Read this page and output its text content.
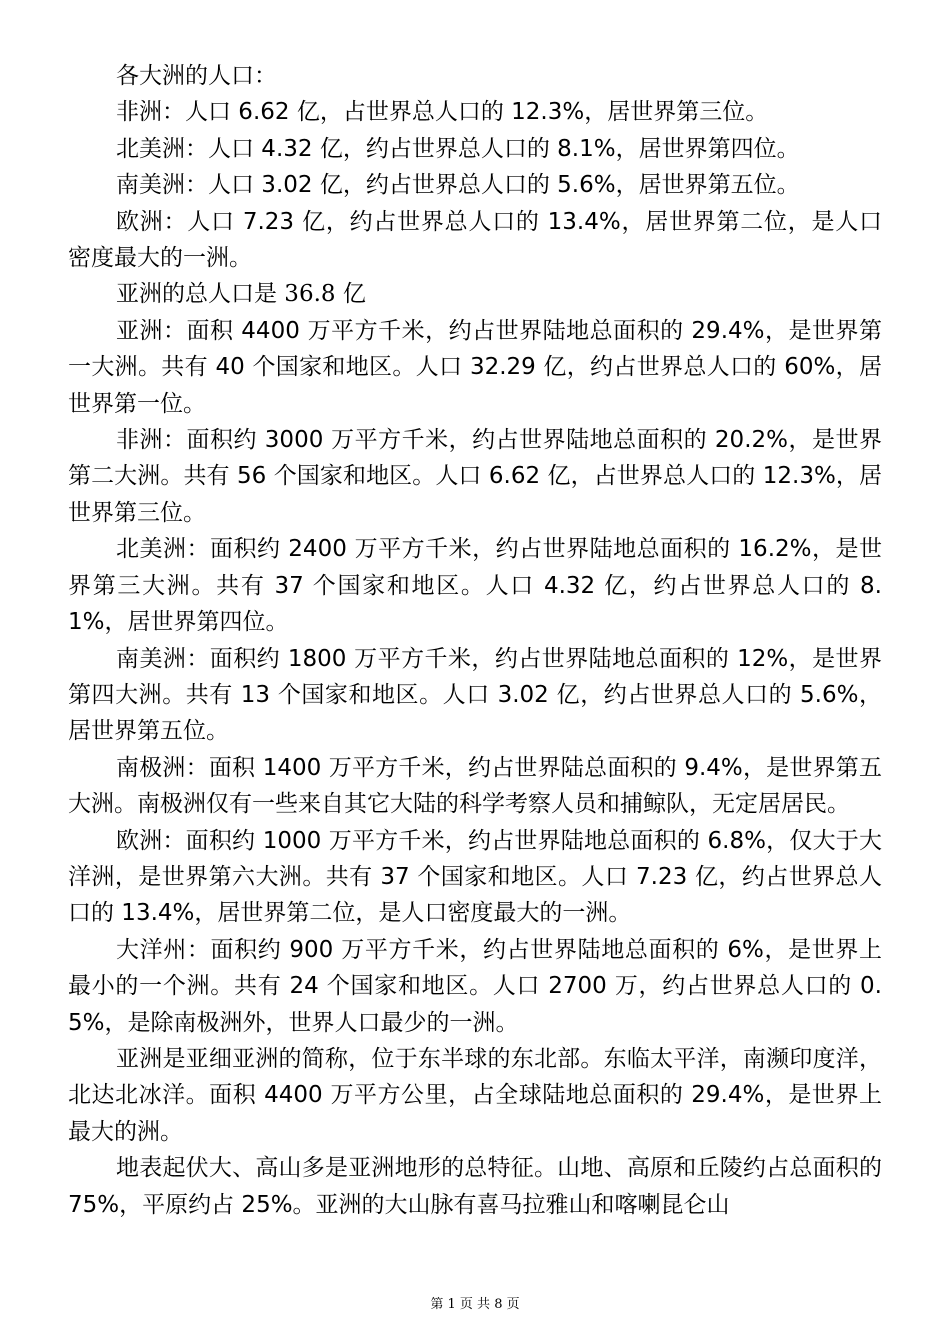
各大洲的人口：

非洲：人口 6.62 亿，占世界总人口的 12.3%，居世界第三位。

北美洲：人口 4.32 亿，约占世界总人口的 8.1%，居世界第四位。

南美洲：人口 3.02 亿，约占世界总人口的 5.6%，居世界第五位。

欧洲：人口 7.23 亿，约占世界总人口的 13.4%，居世界第二位，是人口密度最大的一洲。

亚洲的总人口是 36.8 亿

亚洲：面积 4400 万平方千米，约占世界陆地总面积的 29.4%，是世界第一大洲。共有 40 个国家和地区。人口 32.29 亿，约占世界总人口的 60%，居世界第一位。

非洲：面积约 3000 万平方千米，约占世界陆地总面积的 20.2%，是世界第二大洲。共有 56 个国家和地区。人口 6.62 亿，占世界总人口的 12.3%，居世界第三位。

北美洲：面积约 2400 万平方千米，约占世界陆地总面积的 16.2%，是世界第三大洲。共有 37 个国家和地区。人口 4.32 亿，约占世界总人口的 8.1%，居世界第四位。

南美洲：面积约 1800 万平方千米，约占世界陆地总面积的 12%，是世界第四大洲。共有 13 个国家和地区。人口 3.02 亿，约占世界总人口的 5.6%，居世界第五位。

南极洲：面积 1400 万平方千米，约占世界陆总面积的 9.4%，是世界第五大洲。南极洲仅有一些来自其它大陆的科学考察人员和捕鲸队，无定居居民。

欧洲：面积约 1000 万平方千米，约占世界陆地总面积的 6.8%，仅大于大洋洲，是世界第六大洲。共有 37 个国家和地区。人口 7.23 亿，约占世界总人口的 13.4%，居世界第二位，是人口密度最大的一洲。

大洋州：面积约 900 万平方千米，约占世界陆地总面积的 6%，是世界上最小的一个洲。共有 24 个国家和地区。人口 2700 万，约占世界总人口的 0.5%，是除南极洲外，世界人口最少的一洲。

亚洲是亚细亚洲的简称，位于东半球的东北部。东临太平洋，南濒印度洋，北达北冰洋。面积 4400 万平方公里，占全球陆地总面积的 29.4%，是世界上最大的洲。

地表起伏大、高山多是亚洲地形的总特征。山地、高原和丘陵约占总面积的 75%，平原约占 25%。亚洲的大山脉有喜马拉雅山和喀喇昆仑山

第 1 页 共 8 页
